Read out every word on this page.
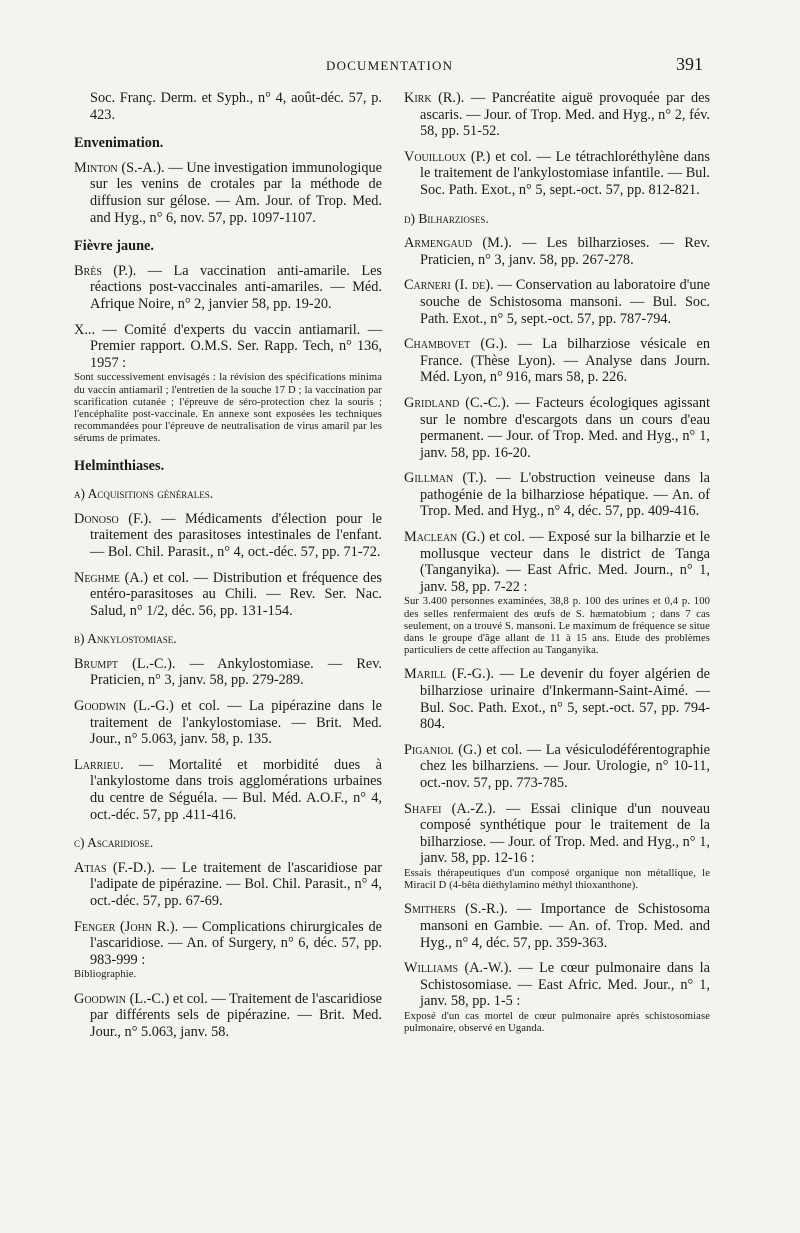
DOCUMENTATION	391
Soc. Franç. Derm. et Syph., n° 4, août-déc. 57, p. 423.
Envenimation.
Minton (S.-A.). — Une investigation immunologique sur les venins de crotales par la méthode de diffusion sur gélose. — Am. Jour. of Trop. Med. and Hyg., n° 6, nov. 57, pp. 1097-1107.
Fièvre jaune.
Brès (P.). — La vaccination anti-amarile. Les réactions post-vaccinales anti-amariles. — Méd. Afrique Noire, n° 2, janvier 58, pp. 19-20.
X... — Comité d'experts du vaccin antiamaril. — Premier rapport. O.M.S. Ser. Rapp. Tech, n° 136, 1957 :
Sont successivement envisagés : la révision des spécifications minima du vaccin antiamaril ; l'entretien de la souche 17 D ; la vaccination par scarification cutanée ; l'épreuve de séro-protection chez la souris ; l'encéphalite post-vaccinale. En annexe sont exposées les techniques recommandées pour l'épreuve de neutralisation de virus amaril par les sérums de primates.
Helminthiases.
a) Acquisitions générales.
Donoso (F.). — Médicaments d'élection pour le traitement des parasitoses intestinales de l'enfant. — Bol. Chil. Parasit., n° 4, oct.-déc. 57, pp. 71-72.
Neghme (A.) et col. — Distribution et fréquence des entéro-parasitoses au Chili. — Rev. Ser. Nac. Salud, n° 1/2, déc. 56, pp. 131-154.
b) Ankylostomiase.
Brumpt (L.-C.). — Ankylostomiase. — Rev. Praticien, n° 3, janv. 58, pp. 279-289.
Goodwin (L.-G.) et col. — La pipérazine dans le traitement de l'ankylostomiase. — Brit. Med. Jour., n° 5.063, janv. 58, p. 135.
Larrieu. — Mortalité et morbidité dues à l'ankylostome dans trois agglomérations urbaines du centre de Séguéla. — Bul. Méd. A.O.F., n° 4, oct.-déc. 57, pp .411-416.
c) Ascaridiose.
Atias (F.-D.). — Le traitement de l'ascaridiose par l'adipate de pipérazine. — Bol. Chil. Parasit., n° 4, oct.-déc. 57, pp. 67-69.
Fenger (John R.). — Complications chirurgicales de l'ascaridiose. — An. of Surgery, n° 6, déc. 57, pp. 983-999 :
Bibliographie.
Goodwin (L.-C.) et col. — Traitement de l'ascaridiose par différents sels de pipérazine. — Brit. Med. Jour., n° 5.063, janv. 58.
Kirk (R.). — Pancréatite aiguë provoquée par des ascaris. — Jour. of Trop. Med. and Hyg., n° 2, fév. 58, pp. 51-52.
Vouilloux (P.) et col. — Le tétrachloréthylène dans le traitement de l'ankylostomiase infantile. — Bul. Soc. Path. Exot., n° 5, sept.-oct. 57, pp. 812-821.
d) Bilharzioses.
Armengaud (M.). — Les bilharzioses. — Rev. Praticien, n° 3, janv. 58, pp. 267-278.
Carneri (I. de). — Conservation au laboratoire d'une souche de Schistosoma mansoni. — Bul. Soc. Path. Exot., n° 5, sept.-oct. 57, pp. 787-794.
Chambovet (G.). — La bilharziose vésicale en France. (Thèse Lyon). — Analyse dans Journ. Méd. Lyon, n° 916, mars 58, p. 226.
Gridland (C.-C.). — Facteurs écologiques agissant sur le nombre d'escargots dans un cours d'eau permanent. — Jour. of Trop. Med. and Hyg., n° 1, janv. 58, pp. 16-20.
Gillman (T.). — L'obstruction veineuse dans la pathogénie de la bilharziose hépatique. — An. of Trop. Med. and Hyg., n° 4, déc. 57, pp. 409-416.
Maclean (G.) et col. — Exposé sur la bilharzie et le mollusque vecteur dans le district de Tanga (Tanganyika). — East Afric. Med. Journ., n° 1, janv. 58, pp. 7-22 :
Sur 3.400 personnes examinées, 38,8 p. 100 des urines et 0,4 p. 100 des selles renfermaient des œufs de S. hæmatobium ; dans 7 cas seulement, on a trouvé S. mansoni. Le maximum de fréquence se situe dans le groupe d'âge allant de 11 à 15 ans. Etude des problèmes particuliers de cette affection au Tanganyika.
Marill (F.-G.). — Le devenir du foyer algérien de bilharziose urinaire d'Inkermann-Saint-Aimé. — Bul. Soc. Path. Exot., n° 5, sept.-oct. 57, pp. 794-804.
Piganiol (G.) et col. — La vésiculodéférentographie chez les bilharziens. — Jour. Urologie, n° 10-11, oct.-nov. 57, pp. 773-785.
Shafei (A.-Z.). — Essai clinique d'un nouveau composé synthétique pour le traitement de la bilharziose. — Jour. of Trop. Med. and Hyg., n° 1, janv. 58, pp. 12-16 :
Essais thérapeutiques d'un composé organique non métallique, le Miracil D (4-bêta diéthylamino méthyl thioxanthone).
Smithers (S.-R.). — Importance de Schistosoma mansoni en Gambie. — An. of. Trop. Med. and Hyg., n° 4, déc. 57, pp. 359-363.
Williams (A.-W.). — Le cœur pulmonaire dans la Schistosomiase. — East Afric. Med. Jour., n° 1, janv. 58, pp. 1-5 :
Exposé d'un cas mortel de cœur pulmonaire après schistosomiase pulmonaire, observé en Uganda.
